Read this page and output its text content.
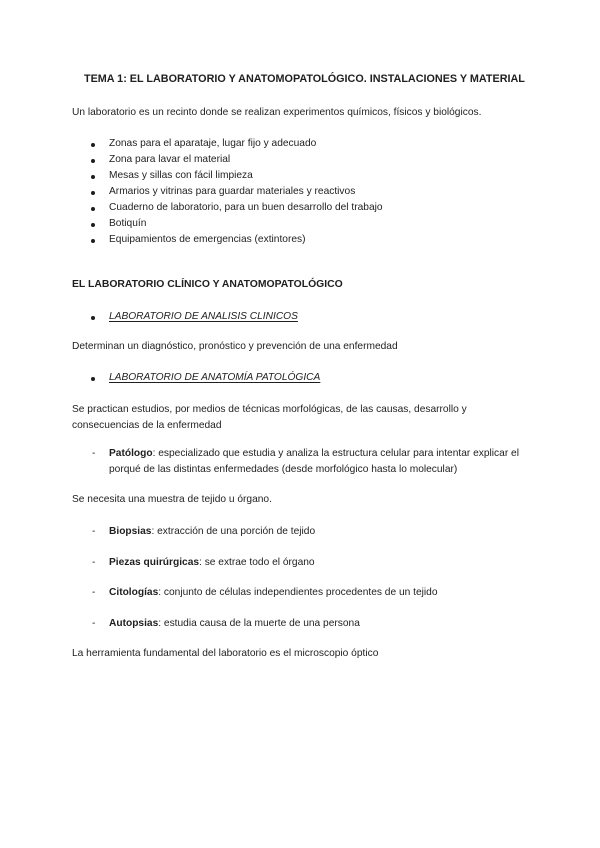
TEMA 1: EL LABORATORIO Y ANATOMOPATOLÓGICO. INSTALACIONES Y MATERIAL
Un laboratorio es un recinto donde se realizan experimentos químicos, físicos y biológicos.
Zonas para el aparataje, lugar fijo y adecuado
Zona para lavar el material
Mesas y sillas con fácil limpieza
Armarios y vitrinas para guardar materiales y reactivos
Cuaderno de laboratorio, para un buen desarrollo del trabajo
Botiquín
Equipamientos de emergencias (extintores)
EL LABORATORIO CLÍNICO Y ANATOMOPATOLÓGICO
LABORATORIO DE ANALISIS CLINICOS
Determinan un diagnóstico, pronóstico y prevención de una enfermedad
LABORATORIO DE ANATOMÍA PATOLÓGICA
Se practican estudios, por medios de técnicas morfológicas, de las causas, desarrollo y
consecuencias de la enfermedad
- Patólogo: especializado que estudia y analiza la estructura celular para intentar explicar el
porqué de las distintas enfermedades (desde morfológico hasta lo molecular)
Se necesita una muestra de tejido u órgano.
- Biopsias: extracción de una porción de tejido
- Piezas quirúrgicas: se extrae todo el órgano
- Citologías: conjunto de células independientes procedentes de un tejido
- Autopsias: estudia causa de la muerte de una persona
La herramienta fundamental del laboratorio es el microscopio óptico
